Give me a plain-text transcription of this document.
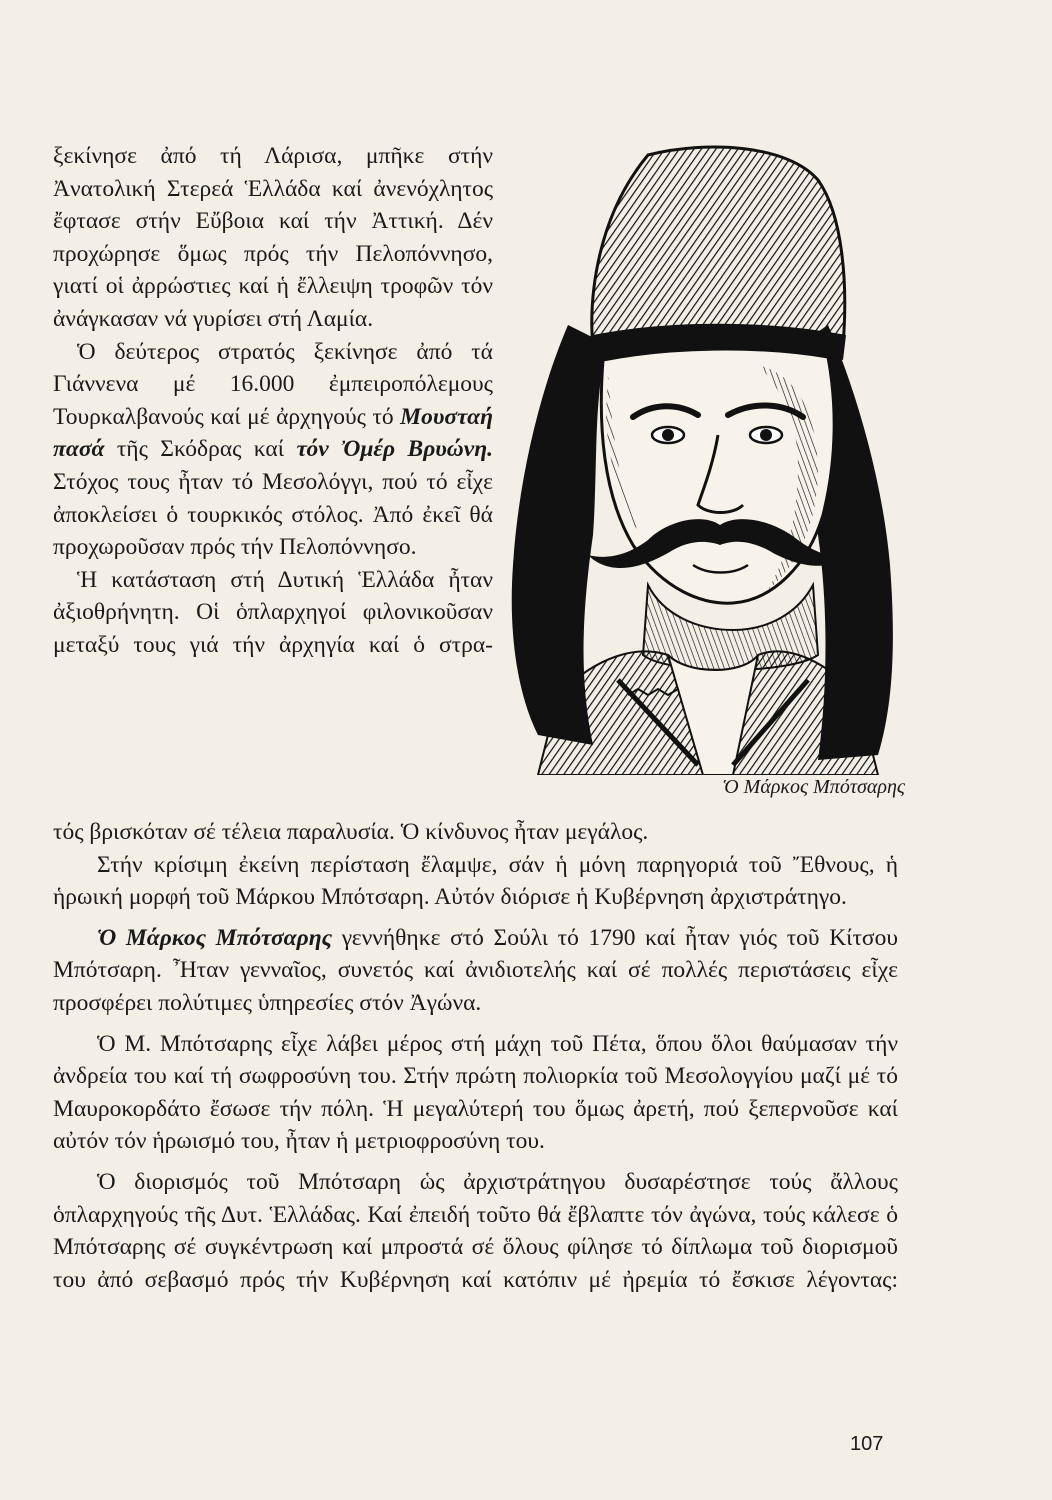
ξεκίνησε ἀπό τή Λάρισα, μπῆκε στήν Ἀνατολική Στερεά Ἑλλάδα καί ἀνενόχλητος ἔφτασε στήν Εὔβοια καί τήν Ἀττική. Δέν προχώρησε ὅμως πρός τήν Πελοπόννησο, γιατί οἱ ἀρρώστιες καί ἡ ἔλλειψη τροφῶν τόν ἀνάγκασαν νά γυρίσει στή Λαμία.

Ὁ δεύτερος στρατός ξεκίνησε ἀπό τά Γιάννενα μέ 16.000 ἐμπειροπόλεμους Τουρκαλβανούς καί μέ ἀρχηγούς τό Μουσταή πασά τῆς Σκόδρας καί τόν Ὀμέρ Βρυώνη. Στόχος τους ἦταν τό Μεσολόγγι, πού τό εἶχε ἀποκλείσει ὁ τουρκικός στόλος. Ἀπό ἐκεῖ θά προχωροῦσαν πρός τήν Πελοπόννησο.

Ἡ κατάσταση στή Δυτική Ἑλλάδα ἦταν ἀξιοθρήνητη. Οἱ ὁπλαρχηγοί φιλονικοῦσαν μεταξύ τους γιά τήν ἀρχηγία καί ὁ στρα-

Ὁ Μάρκος Μπότσαρης

τός βρισκόταν σέ τέλεια παραλυσία. Ὁ κίνδυνος ἦταν μεγάλος.

Στήν κρίσιμη ἐκείνη περίσταση ἔλαμψε, σάν ἡ μόνη παρηγοριά τοῦ Ἔθνους, ἡ ἡρωική μορφή τοῦ Μάρκου Μπότσαρη. Αὐτόν διόρισε ἡ Κυβέρνηση ἀρχιστράτηγο.

Ὁ Μάρκος Μπότσαρης γεννήθηκε στό Σούλι τό 1790 καί ἦταν γιός τοῦ Κίτσου Μπότσαρη. Ἦταν γενναῖος, συνετός καί ἀνιδιοτελής καί σέ πολλές περιστάσεις εἶχε προσφέρει πολύτιμες ὑπηρεσίες στόν Ἀγώνα.

Ὁ Μ. Μπότσαρης εἶχε λάβει μέρος στή μάχη τοῦ Πέτα, ὅπου ὅλοι θαύμασαν τήν ἀνδρεία του καί τή σωφροσύνη του. Στήν πρώτη πολιορκία τοῦ Μεσολογγίου μαζί μέ τό Μαυροκορδάτο ἔσωσε τήν πόλη. Ἡ μεγαλύτερή του ὅμως ἀρετή, πού ξεπερνοῦσε καί αὐτόν τόν ἡρωισμό του, ἦταν ἡ μετριοφροσύνη του.

Ὁ διορισμός τοῦ Μπότσαρη ὡς ἀρχιστράτηγου δυσαρέστησε τούς ἄλλους ὁπλαρχηγούς τῆς Δυτ. Ἑλλάδας. Καί ἐπειδή τοῦτο θά ἔβλαπτε τόν ἀγώνα, τούς κάλεσε ὁ Μπότσαρης σέ συγκέντρωση καί μπροστά σέ ὅλους φίλησε τό δίπλωμα τοῦ διορισμοῦ του ἀπό σεβασμό πρός τήν Κυβέρνηση καί κατόπιν μέ ἠρεμία τό ἔσκισε λέγοντας:

107
